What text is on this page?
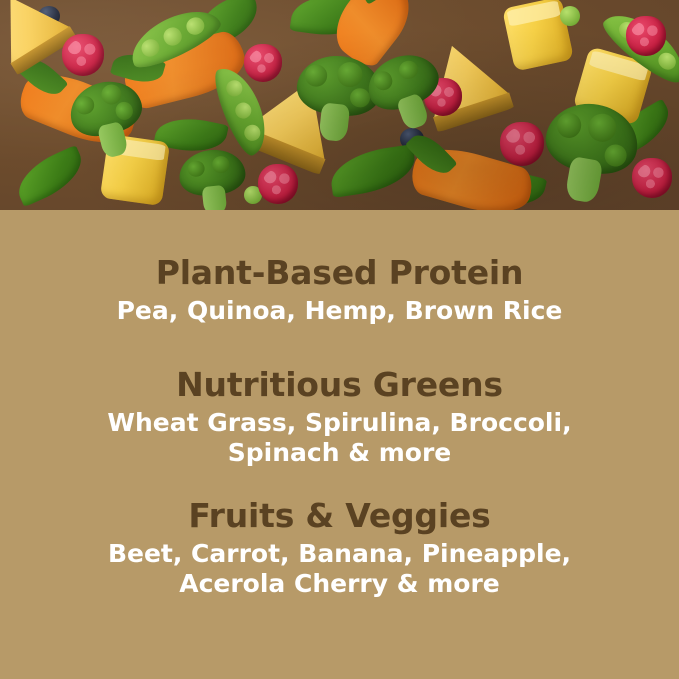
Plant-Based Protein

Pea, Quinoa, Hemp, Brown Rice

Nutritious Greens

Wheat Grass, Spirulina, Broccoli, Spinach & more

Fruits & Veggies

Beet, Carrot, Banana, Pineapple, Acerola Cherry & more
